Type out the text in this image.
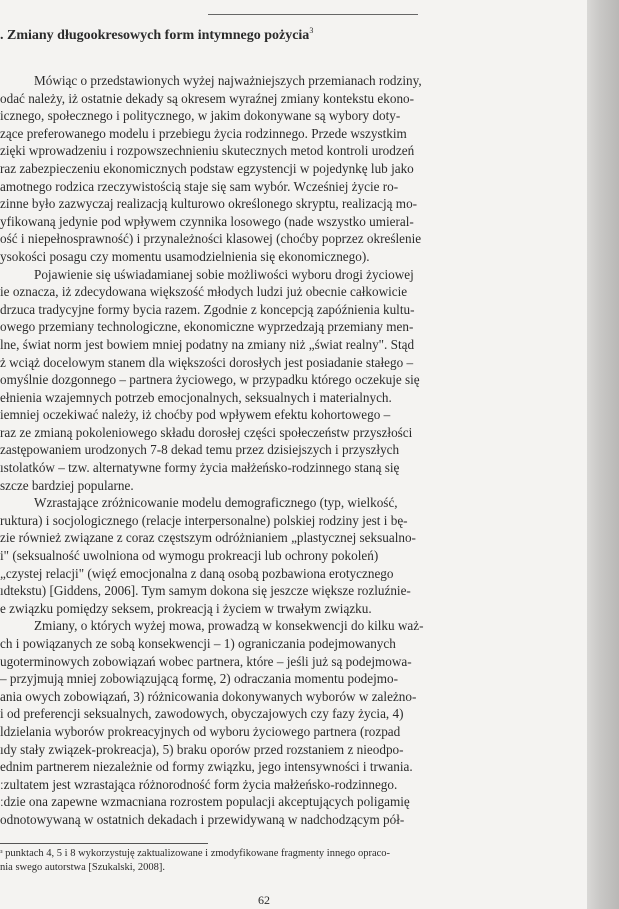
. Zmiany długookresowych form intymnego pożycia$^3$
Mówiąc o przedstawionych wyżej najważniejszych przemianach rodziny,
odać należy, iż ostatnie dekady są okresem wyraźnej zmiany kontekstu ekono-
icznego, społecznego i politycznego, w jakim dokonywane są wybory doty-
zące preferowanego modelu i przebiegu życia rodzinnego. Przede wszystkim
zięki wprowadzeniu i rozpowszechnieniu skutecznych metod kontroli urodzeń
raz zabezpieczeniu ekonomicznych podstaw egzystencji w pojedynkę lub jako
amotnego rodzica rzeczywistością staje się sam wybór. Wcześniej życie ro-
zinne było zazwyczaj realizacją kulturowo określonego skryptu, realizacją mo-
yfikowaną jedynie pod wpływem czynnika losowego (nade wszystko umieral-
ość i niepełnosprawność) i przynależności klasowej (choćby poprzez określenie
ysokości posagu czy momentu usamodzielnienia się ekonomicznego).
Pojawienie się uświadamianej sobie możliwości wyboru drogi życiowej
ie oznacza, iż zdecydowana większość młodych ludzi już obecnie całkowicie
drzuca tradycyjne formy bycia razem. Zgodnie z koncepcją zapóźnienia kultu-
owego przemiany technologiczne, ekonomiczne wyprzedzają przemiany men-
lne, świat norm jest bowiem mniej podatny na zmiany niż „świat realny". Stąd
ż wciąż docelowym stanem dla większości dorosłych jest posiadanie stałego –
omyślnie dozgonnego – partnera życiowego, w przypadku którego oczekuje się
ełnienia wzajemnych potrzeb emocjonalnych, seksualnych i materialnych.
iemniej oczekiwać należy, iż choćby pod wpływem efektu kohortowego –
raz ze zmianą pokoleniowego składu dorosłej części społeczeństw przyszłości
zastępowaniem urodzonych 7-8 dekad temu przez dzisiejszych i przyszłych
ıstolatków – tzw. alternatywne formy życia małżeńsko-rodzinnego staną się
szcze bardziej popularne.
Wzrastające zróżnicowanie modelu demograficznego (typ, wielkość,
ruktura) i socjologicznego (relacje interpersonalne) polskiej rodziny jest i bę-
zie również związane z coraz częstszym odróżnianiem „plastycznej seksualno-
i" (seksualność uwolniona od wymogu prokreacji lub ochrony pokoleń)
„czystej relacji" (więź emocjonalna z daną osobą pozbawiona erotycznego
ıdtekstu) [Giddens, 2006]. Tym samym dokona się jeszcze większe rozluźnie-
e związku pomiędzy seksem, prokreacją i życiem w trwałym związku.
Zmiany, o których wyżej mowa, prowadzą w konsekwencji do kilku waż-
ch i powiązanych ze sobą konsekwencji – 1) ograniczania podejmowanych
ugoterminowych zobowiązań wobec partnera, które – jeśli już są podejmowa-
– przyjmują mniej zobowiązującą formę, 2) odraczania momentu podejmo-
ania owych zobowiązań, 3) różnicowania dokonywanych wyborów w zależno-
i od preferencji seksualnych, zawodowych, obyczajowych czy fazy życia, 4)
ldzielania wyborów prokreacyjnych od wyboru życiowego partnera (rozpad
ıdy stały związek-prokreacja), 5) braku oporów przed rozstaniem z nieodpo-
ednim partnerem niezależnie od formy związku, jego intensywności i trwania.
ːzultatem jest wzrastająca różnorodność form życia małżeńsko-rodzinnego.
ːdzie ona zapewne wzmacniana rozrostem populacji akceptujących poligamię
odnotowywaną w ostatnich dekadach i przewidywaną w nadchodzącym pół-
ᵌ punktach 4, 5 i 8 wykorzystuję zaktualizowane i zmodyfikowane fragmenty innego opraco-
nia swego autorstwa [Szukalski, 2008].
62
